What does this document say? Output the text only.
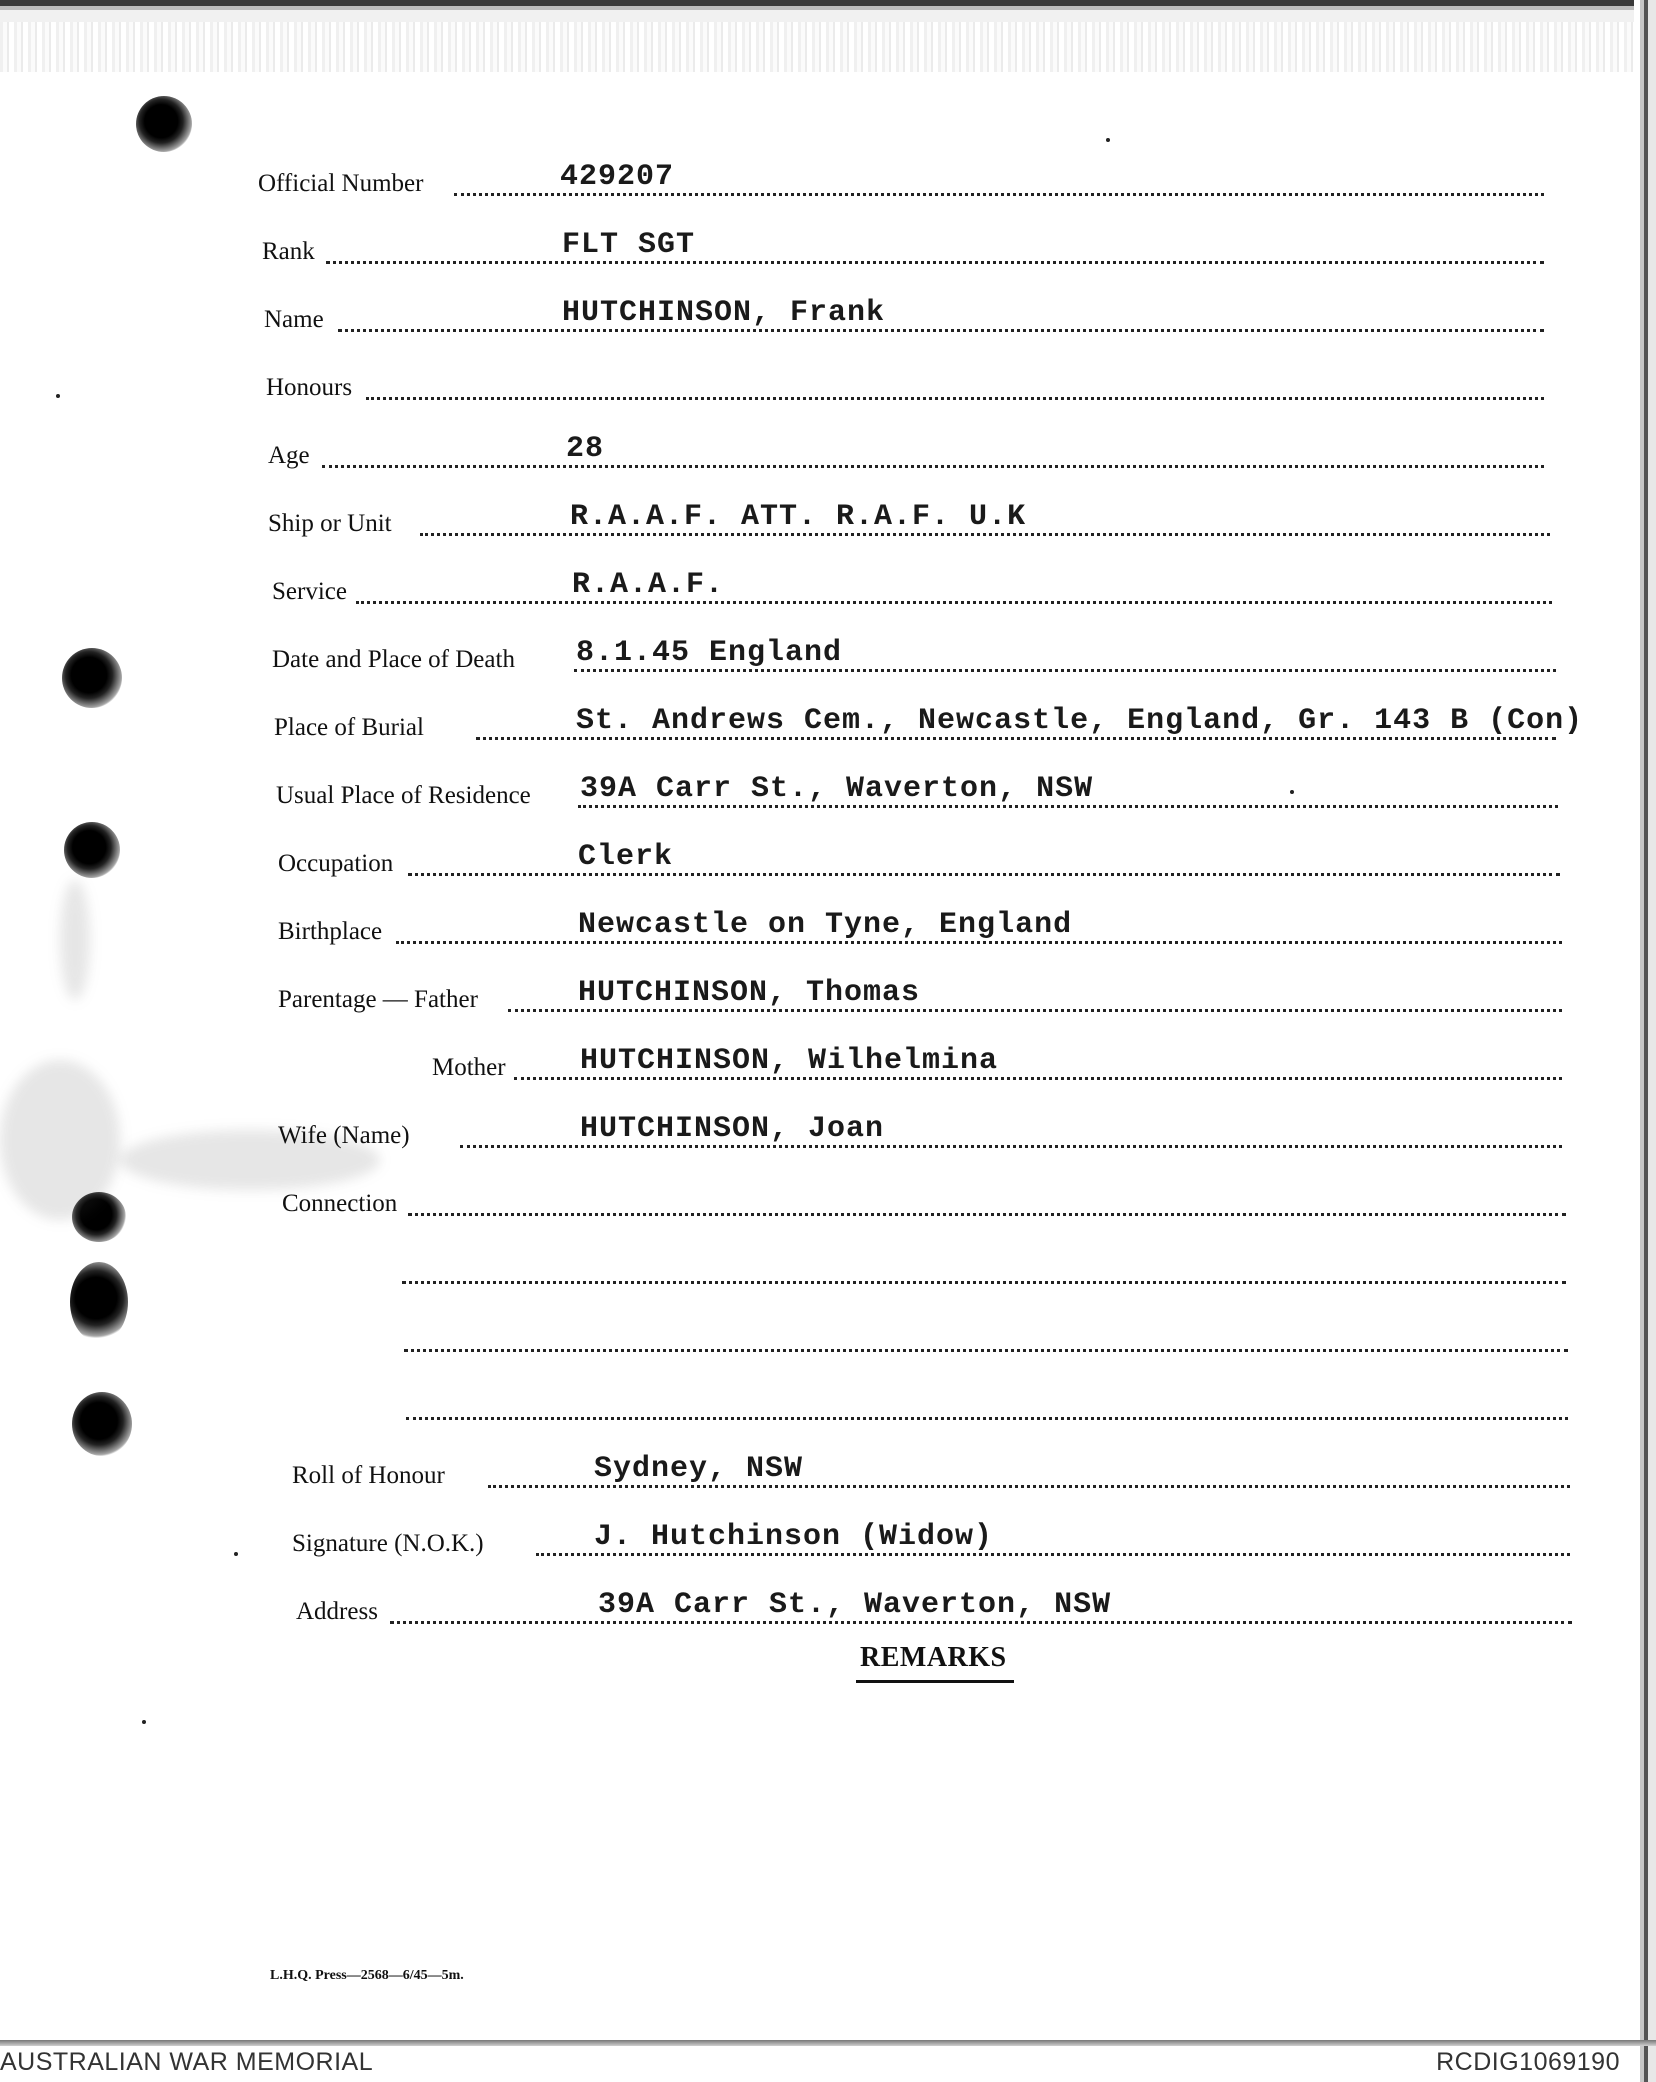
Official Number	429207
Rank	FLT SGT
Name	HUTCHINSON, Frank
Honours
Age	28
Ship or Unit	R.A.A.F. ATT. R.A.F. U.K
Service	R.A.A.F.
Date and Place of Death 8.1.45 England
Place of Burial	St. Andrews Cem., Newcastle, England, Gr. 143 B (Con)
Usual Place of Residence 39A Carr St., Waverton, NSW
Occupation	Clerk
Birthplace	Newcastle on Tyne, England
Parentage — Father	HUTCHINSON, Thomas
Mother HUTCHINSON, Wilhelmina
Wife (Name)	HUTCHINSON, Joan
Connection
Roll of Honour	Sydney, NSW
Signature (N.O.K.)	J. Hutchinson (Widow)
Address	39A Carr St., Waverton, NSW
REMARKS
L.H.Q. Press—2568—6/45—5m.
AUSTRALIAN WAR MEMORIAL	RCDIG1069190
